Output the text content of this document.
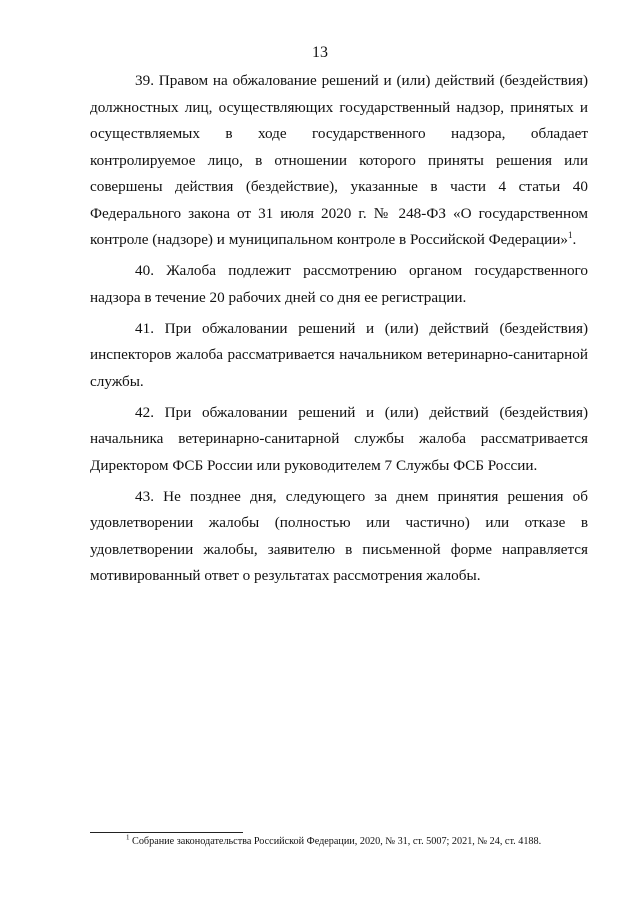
13

39. Правом на обжалование решений и (или) действий (бездействия) должностных лиц, осуществляющих государственный надзор, принятых и осуществляемых в ходе государственного надзора, обладает контролируемое лицо, в отношении которого приняты решения или совершены действия (бездействие), указанные в части 4 статьи 40 Федерального закона от 31 июля 2020 г. № 248-ФЗ «О государственном контроле (надзоре) и муниципальном контроле в Российской Федерации»$^1$.

40. Жалоба подлежит рассмотрению органом государственного надзора в течение 20 рабочих дней со дня ее регистрации.

41. При обжаловании решений и (или) действий (бездействия) инспекторов жалоба рассматривается начальником ветеринарно-санитарной службы.

42. При обжаловании решений и (или) действий (бездействия) начальника ветеринарно-санитарной службы жалоба рассматривается Директором ФСБ России или руководителем 7 Службы ФСБ России.

43. Не позднее дня, следующего за днем принятия решения об удовлетворении жалобы (полностью или частично) или отказе в удовлетворении жалобы, заявителю в письменной форме направляется мотивированный ответ о результатах рассмотрения жалобы.

$^1$ Собрание законодательства Российской Федерации, 2020, № 31, ст. 5007; 2021, № 24, ст. 4188.
